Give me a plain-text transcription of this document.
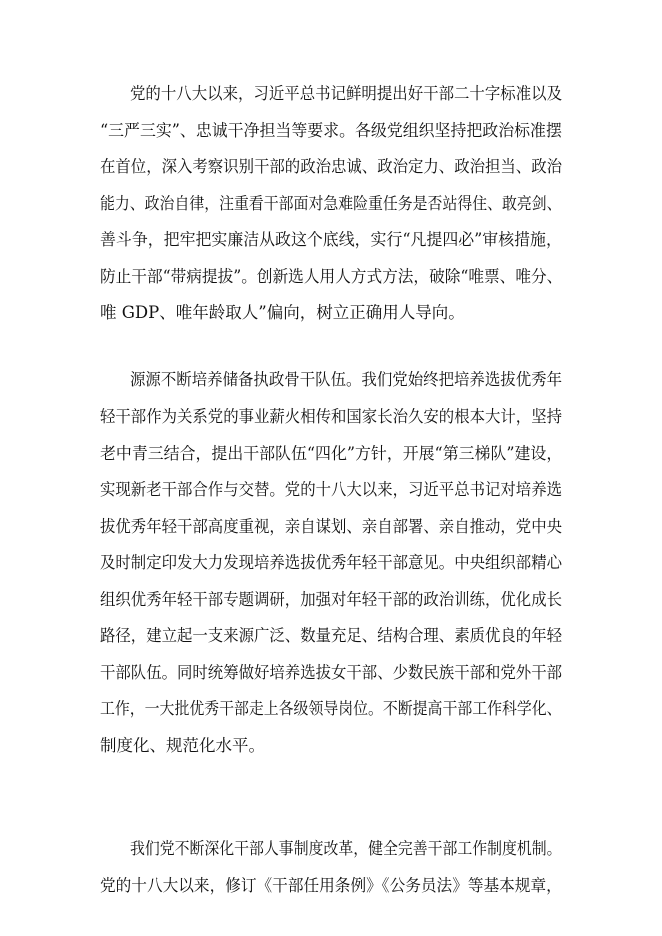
党的十八大以来，习近平总书记鲜明提出好干部二十字标准以及

“三严三实”、忠诚干净担当等要求。各级党组织坚持把政治标准摆

在首位，深入考察识别干部的政治忠诚、政治定力、政治担当、政治

能力、政治自律，注重看干部面对急难险重任务是否站得住、敢亮剑、

善斗争，把牢把实廉洁从政这个底线，实行“凡提四必”审核措施，

防止干部“带病提拔”。创新选人用人方式方法，破除“唯票、唯分、

唯 GDP、唯年龄取人”偏向，树立正确用人导向。

源源不断培养储备执政骨干队伍。我们党始终把培养选拔优秀年

轻干部作为关系党的事业薪火相传和国家长治久安的根本大计，坚持

老中青三结合，提出干部队伍“四化”方针，开展“第三梯队”建设，

实现新老干部合作与交替。党的十八大以来，习近平总书记对培养选

拔优秀年轻干部高度重视，亲自谋划、亲自部署、亲自推动，党中央

及时制定印发大力发现培养选拔优秀年轻干部意见。中央组织部精心

组织优秀年轻干部专题调研，加强对年轻干部的政治训练，优化成长

路径，建立起一支来源广泛、数量充足、结构合理、素质优良的年轻

干部队伍。同时统筹做好培养选拔女干部、少数民族干部和党外干部

工作，一大批优秀干部走上各级领导岗位。不断提高干部工作科学化、

制度化、规范化水平。

我们党不断深化干部人事制度改革，健全完善干部工作制度机制。

党的十八大以来，修订《干部任用条例》《公务员法》等基本规章，
